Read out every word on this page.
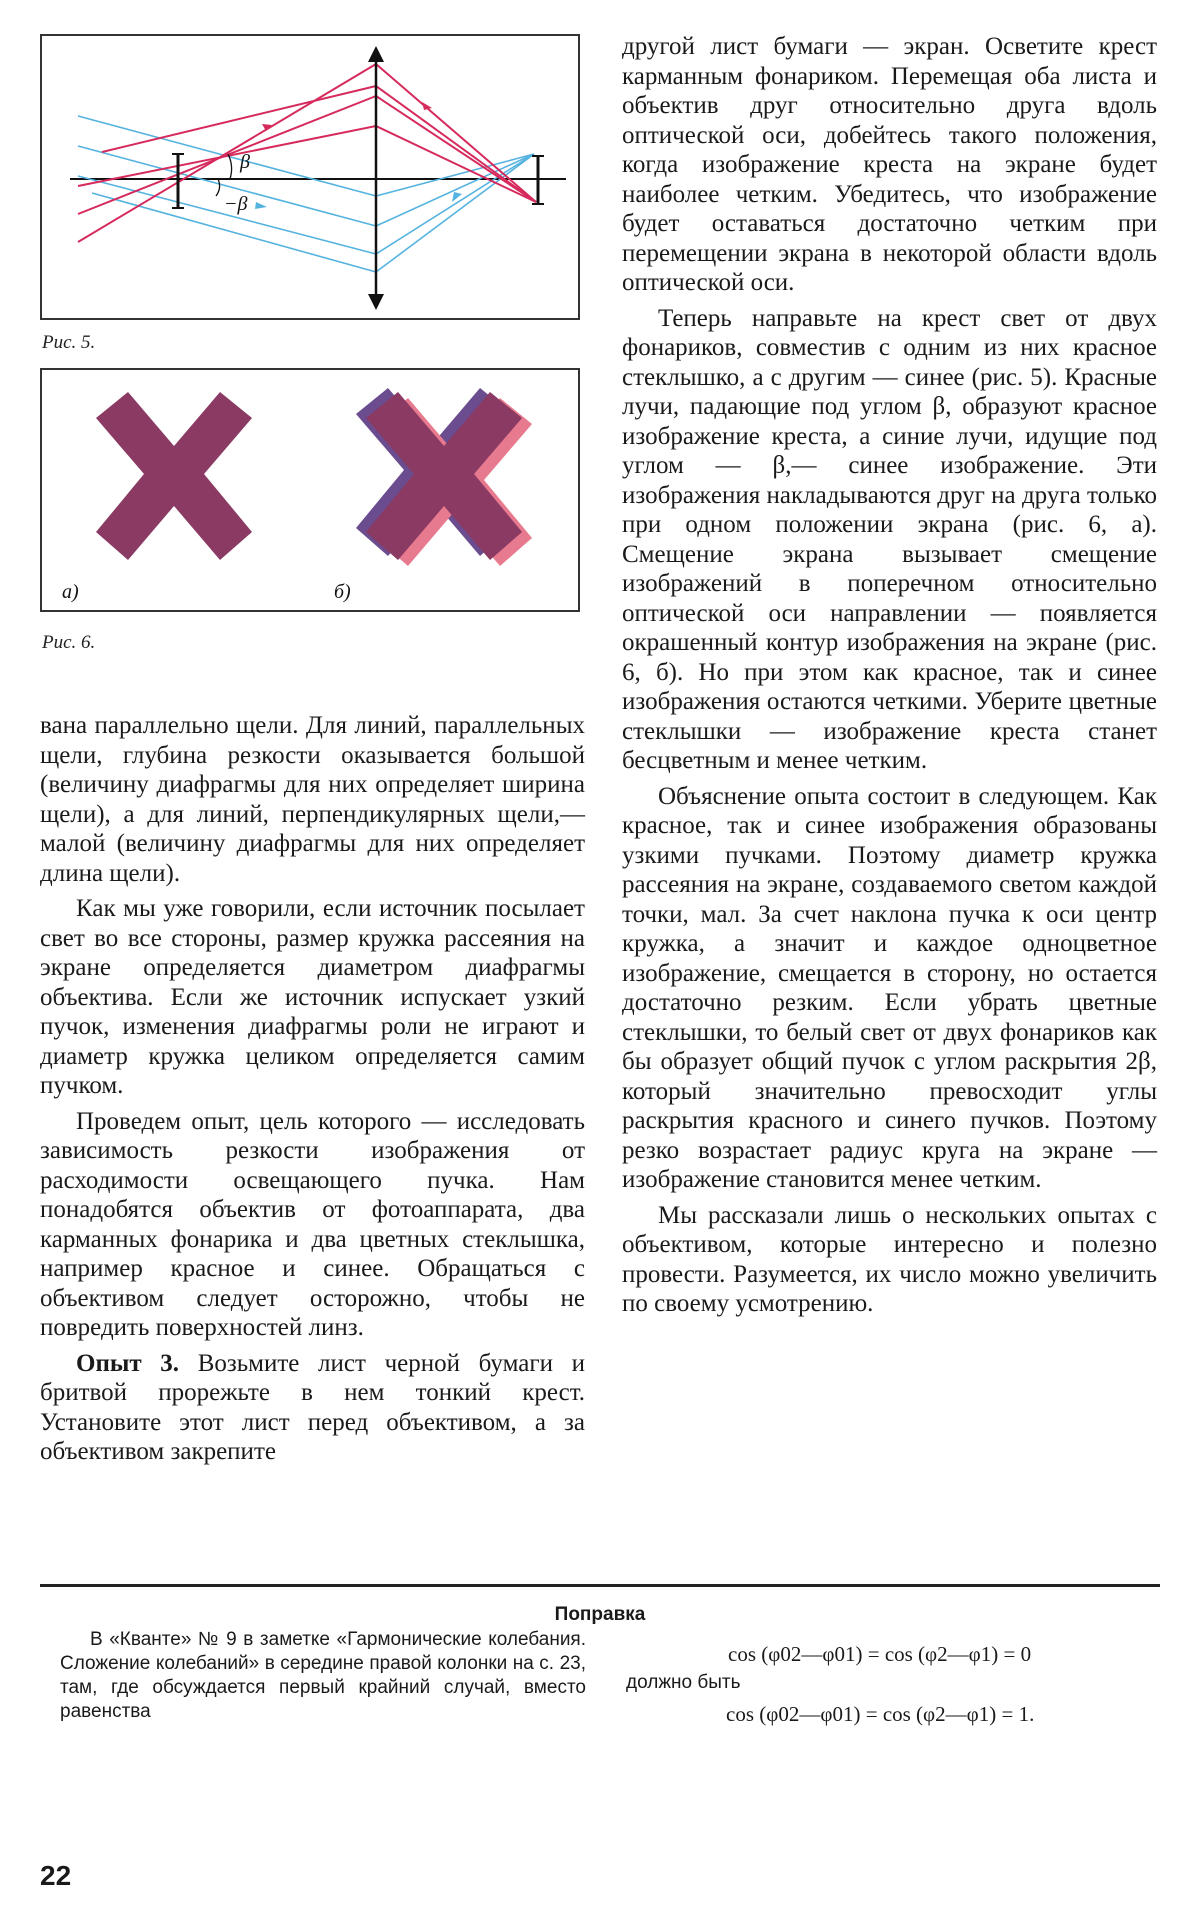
β
−β
Рис. 5.
а)	б)
Рис. 6.

вана параллельно щели. Для линий, параллельных щели, глубина резкости оказывается большой (величину диафрагмы для них определяет ширина щели), а для линий, перпендикулярных щели,— малой (величину диафрагмы для них определяет длина щели).

Как мы уже говорили, если источник посылает свет во все стороны, размер кружка рассеяния на экране определяется диаметром диафрагмы объектива. Если же источник испускает узкий пучок, изменения диафрагмы роли не играют и диаметр кружка целиком определяется самим пучком.

Проведем опыт, цель которого — исследовать зависимость резкости изображения от расходимости освещающего пучка. Нам понадобятся объектив от фотоаппарата, два карманных фонарика и два цветных стеклышка, например красное и синее. Обращаться с объективом следует осторожно, чтобы не повредить поверхностей линз.

Опыт 3. Возьмите лист черной бумаги и бритвой прорежьте в нем тонкий крест. Установите этот лист перед объективом, а за объективом закрепите

другой лист бумаги — экран. Осветите крест карманным фонариком. Перемещая оба листа и объектив друг относительно друга вдоль оптической оси, добейтесь такого положения, когда изображение креста на экране будет наиболее четким. Убедитесь, что изображение будет оставаться достаточно четким при перемещении экрана в некоторой области вдоль оптической оси.

Теперь направьте на крест свет от двух фонариков, совместив с одним из них красное стеклышко, а с другим — синее (рис. 5). Красные лучи, падающие под углом β, образуют красное изображение креста, а синие лучи, идущие под углом — β,— синее изображение. Эти изображения накладываются друг на друга только при одном положении экрана (рис. 6, а). Смещение экрана вызывает смещение изображений в поперечном относительно оптической оси направлении — появляется окрашенный контур изображения на экране (рис. 6, б). Но при этом как красное, так и синее изображения остаются четкими. Уберите цветные стеклышки — изображение креста станет бесцветным и менее четким.

Объяснение опыта состоит в следующем. Как красное, так и синее изображения образованы узкими пучками. Поэтому диаметр кружка рассеяния на экране, создаваемого светом каждой точки, мал. За счет наклона пучка к оси центр кружка, а значит и каждое одноцветное изображение, смещается в сторону, но остается достаточно резким. Если убрать цветные стеклышки, то белый свет от двух фонариков как бы образует общий пучок с углом раскрытия 2β, который значительно превосходит углы раскрытия красного и синего пучков. Поэтому резко возрастает радиус круга на экране — изображение становится менее четким.

Мы рассказали лишь о нескольких опытах с объективом, которые интересно и полезно провести. Разумеется, их число можно увеличить по своему усмотрению.

Поправка

В «Кванте» № 9 в заметке «Гармонические колебания. Сложение колебаний» в середине правой колонки на с. 23, там, где обсуждается первый крайний случай, вместо равенства

cos (φ02—φ01) = cos (φ2—φ1) = 0
должно быть
cos (φ02—φ01) = cos (φ2—φ1) = 1.
22
